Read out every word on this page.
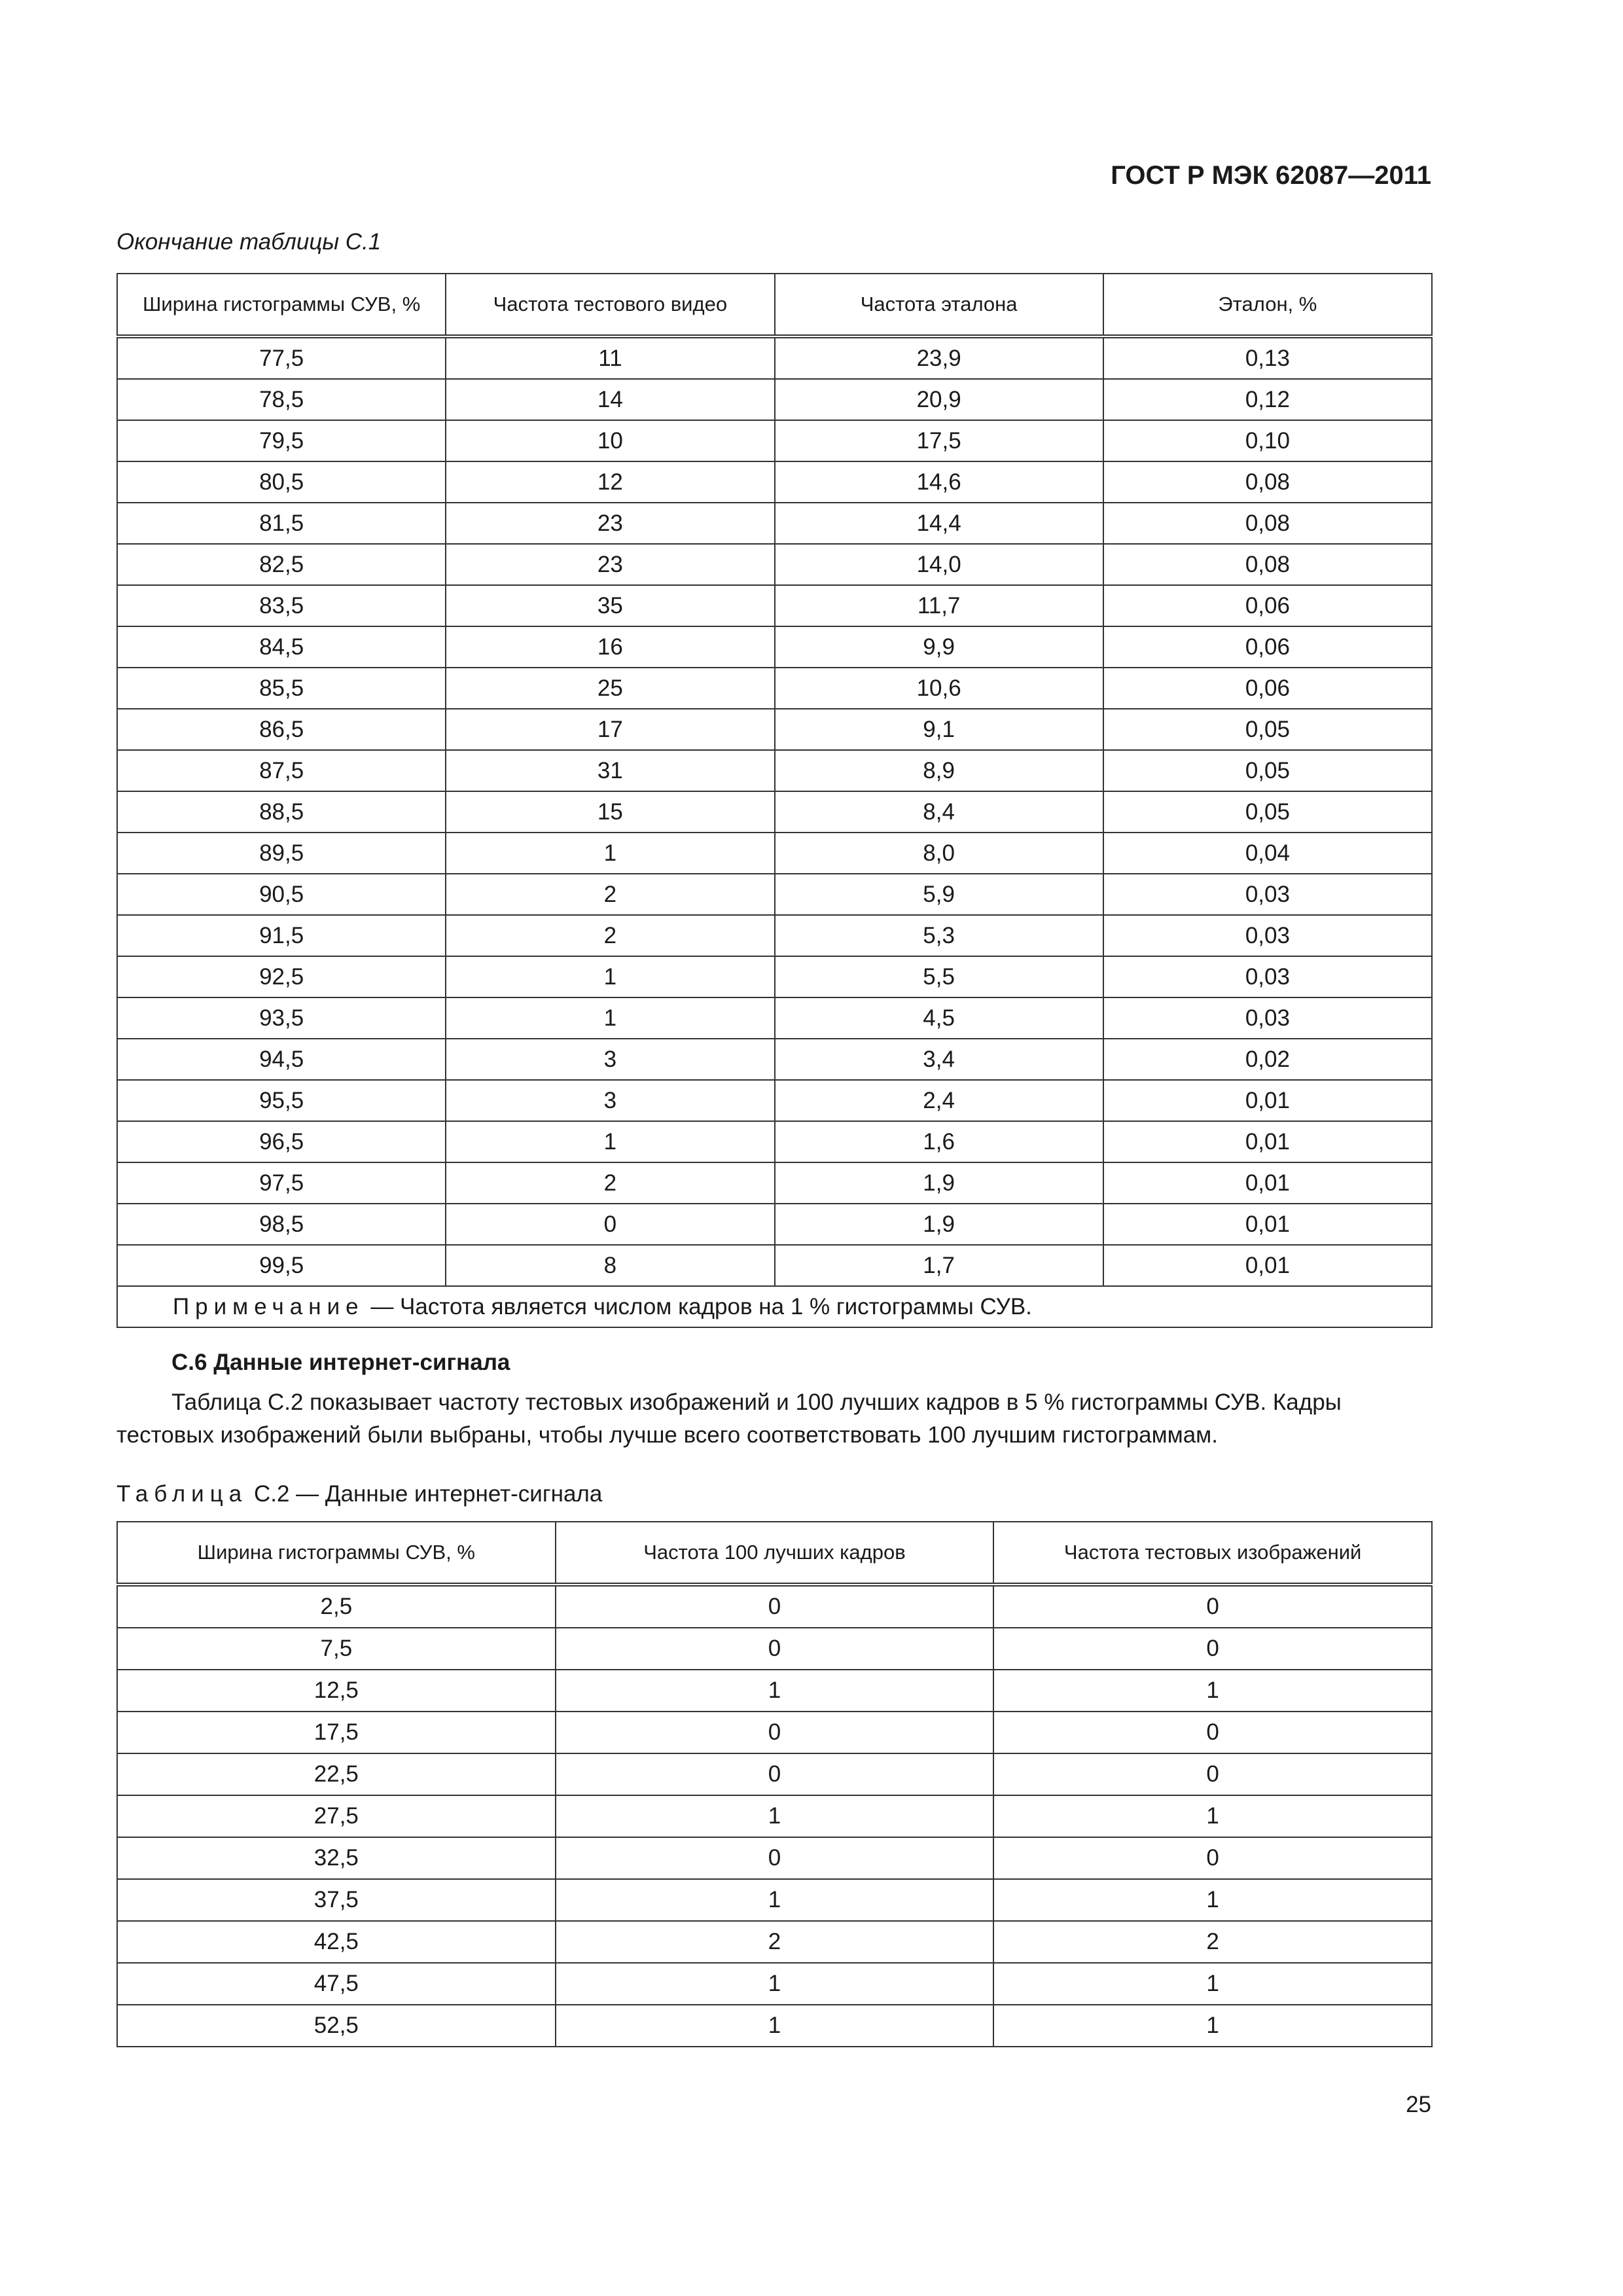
ГОСТ Р МЭК 62087—2011
Окончание таблицы С.1
Ширина гистограммы СУВ, %	Частота тестового видео	Частота эталона	Эталон, %
77,5	11	23,9	0,13
78,5	14	20,9	0,12
79,5	10	17,5	0,10
80,5	12	14,6	0,08
81,5	23	14,4	0,08
82,5	23	14,0	0,08
83,5	35	11,7	0,06
84,5	16	9,9	0,06
85,5	25	10,6	0,06
86,5	17	9,1	0,05
87,5	31	8,9	0,05
88,5	15	8,4	0,05
89,5	1	8,0	0,04
90,5	2	5,9	0,03
91,5	2	5,3	0,03
92,5	1	5,5	0,03
93,5	1	4,5	0,03
94,5	3	3,4	0,02
95,5	3	2,4	0,01
96,5	1	1,6	0,01
97,5	2	1,9	0,01
98,5	0	1,9	0,01
99,5	8	1,7	0,01
Примечание — Частота является числом кадров на 1 % гистограммы СУВ.			
С.6 Данные интернет-сигнала
Таблица С.2 показывает частоту тестовых изображений и 100 лучших кадров в 5 % гистограммы СУВ. Кадры тестовых изображений были выбраны, чтобы лучше всего соответствовать 100 лучшим гистограммам.
Таблица С.2 — Данные интернет-сигнала
Ширина гистограммы СУВ, %	Частота 100 лучших кадров	Частота тестовых изображений
2,5	0	0
7,5	0	0
12,5	1	1
17,5	0	0
22,5	0	0
27,5	1	1
32,5	0	0
37,5	1	1
42,5	2	2
47,5	1	1
52,5	1	1
25
